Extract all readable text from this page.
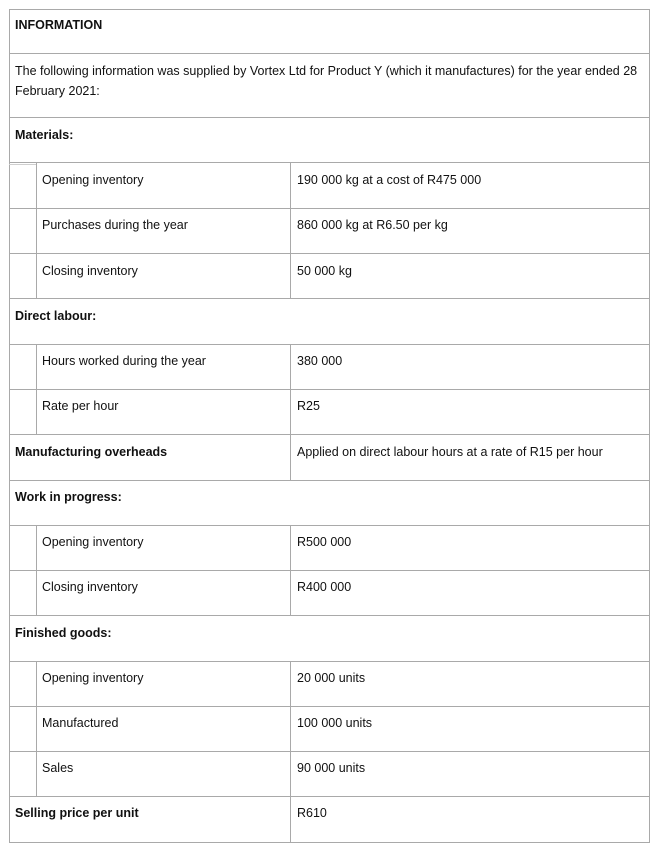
INFORMATION
The following information was supplied by Vortex Ltd for Product Y (which it manufactures) for the year ended 28 February 2021:
Materials:
Opening inventory	190 000 kg at a cost of R475 000
Purchases during the year	860 000 kg at R6.50 per kg
Closing inventory	50 000 kg
Direct labour:
Hours worked during the year	380 000
Rate per hour	R25
Manufacturing overheads	Applied on direct labour hours at a rate of R15 per hour
Work in progress:
Opening inventory	R500 000
Closing inventory	R400 000
Finished goods:
Opening inventory	20 000 units
Manufactured	100 000 units
Sales	90 000 units
Selling price per unit	R610
